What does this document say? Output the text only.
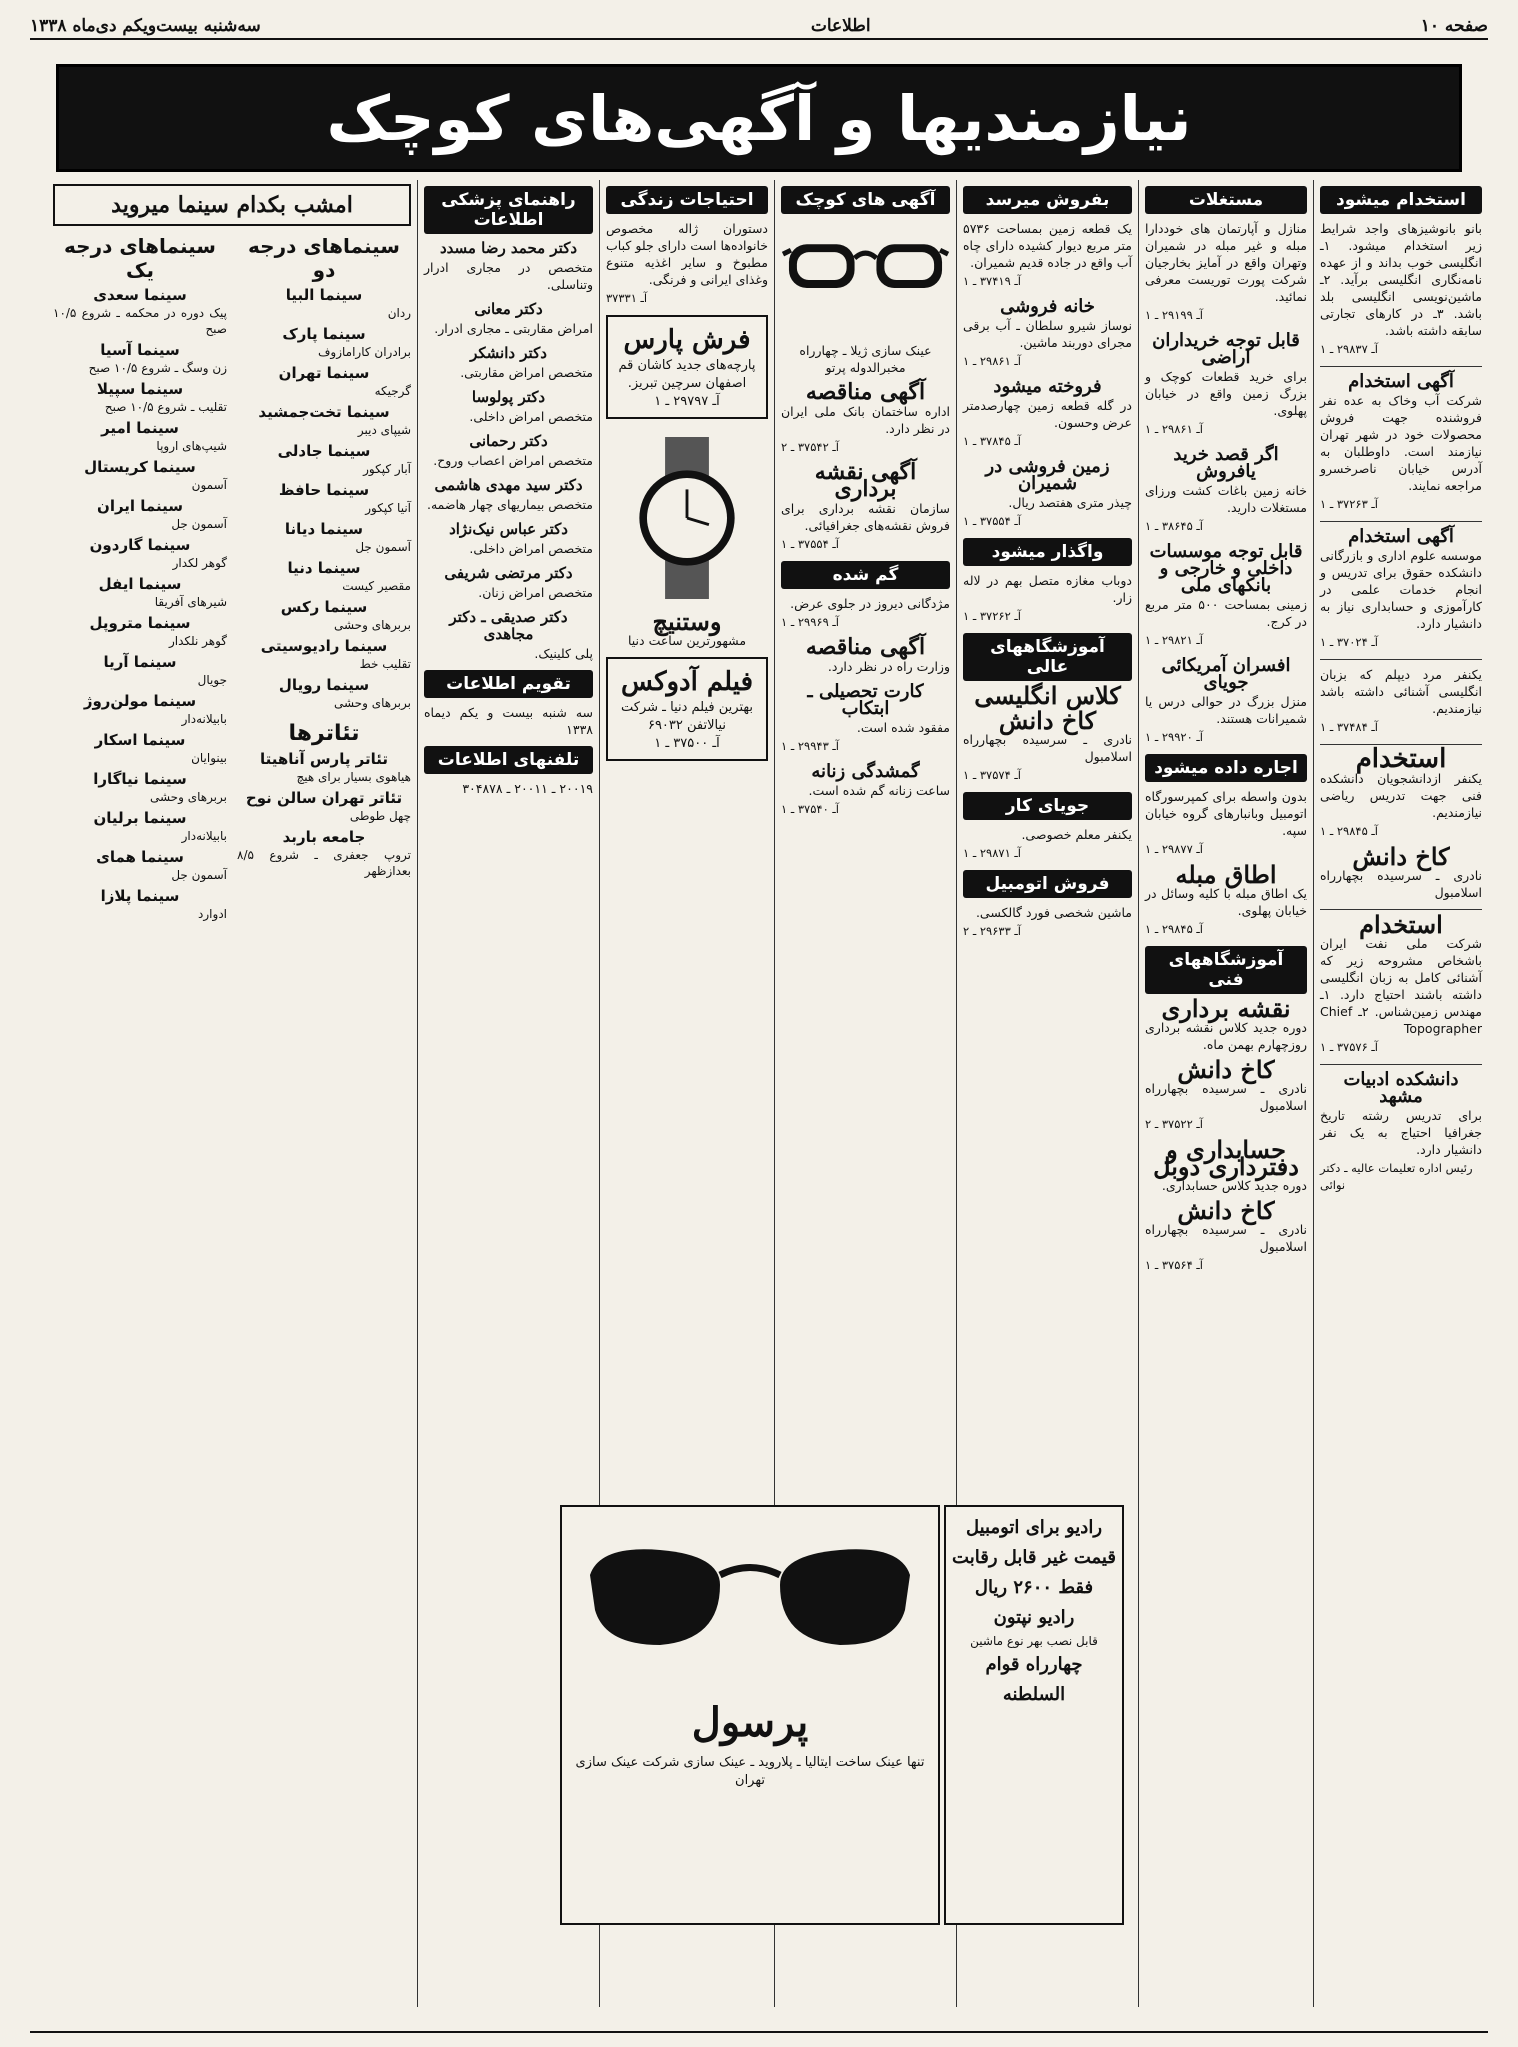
صفحه ۱۰
اطلاعات
سه‌شنبه بیست‌ویکم دی‌ماه ۱۳۳۸
نیازمندیها و آگهی‌های کوچک
استخدام میشود
بانو بانوشیزهای واجد شرایط زیر استخدام میشود. ۱ـ انگلیسی خوب بداند و از عهده نامه‌نگاری انگلیسی برآید. ۲ـ ماشین‌نویسی انگلیسی بلد باشد. ۳ـ در کارهای تجارتی سابقه داشته باشد.
آـ ۲۹۸۳۷ ـ ۱
آگهی استخدام
شرکت آب وخاک به عده نفر فروشنده جهت فروش محصولات خود در شهر تهران نیازمند است. داوطلبان به آدرس خیابان ناصرخسرو مراجعه نمایند.
آـ ۳۷۲۶۳ ـ ۱
آگهی استخدام
موسسه علوم اداری و بازرگانی دانشکده حقوق برای تدریس و انجام خدمات علمی در کارآموزی و حسابداری نیاز به دانشیار دارد.
آـ ۳۷۰۲۴ ـ ۱
یکنفر مرد دیپلم که بزبان انگلیسی آشنائی داشته باشد نیازمندیم.
آـ ۳۷۴۸۴ ـ ۱
استخدام
یکنفر ازدانشجویان دانشکده فنی جهت تدریس ریاضی نیازمندیم.
آـ ۲۹۸۴۵ ـ ۱
کاخ دانش
نادری ـ سرسیده بچهارراه اسلامبول
استخدام
شرکت ملی نفت ایران باشخاص مشروحه زیر که آشنائی کامل به زبان انگلیسی داشته باشند احتیاج دارد. ۱ـ مهندس زمین‌شناس. ۲ـ Chief Topographer
آـ ۳۷۵۷۶ ـ ۱
دانشکده ادبیات مشهد
برای تدریس رشته تاریخ جغرافیا احتیاج به یک نفر دانشیار دارد.
رئیس اداره تعلیمات عالیه ـ دکتر نوائی
مستغلات
منازل و آپارتمان های خوددارا مبله و غیر مبله در شمیران وتهران واقع در آمایز بخارجیان شرکت پورت توریست معرفی نمائید.
آـ ۲۹۱۹۹ ـ ۱
قابل توجه خریداران اراضی
برای خرید قطعات کوچک و بزرگ زمین واقع در خیابان پهلوی.
آـ ۲۹۸۶۱ ـ ۱
اگر قصد خرید یافروش
خانه زمین باغات کشت ورزای مستغلات دارید.
آـ ۳۸۶۴۵ ـ ۱
قابل توجه موسسات داخلی و خارجی و بانکهای ملی
زمینی بمساحت ۵۰۰ متر مربع در کرج.
آـ ۲۹۸۲۱ ـ ۱
افسران آمریکائی جویای
منزل بزرگ در حوالی درس یا شمیرانات هستند.
آـ ۲۹۹۲۰ ـ ۱
اجاره داده میشود
بدون واسطه برای کمپرسورگاه اتومبیل وبانبارهای گروه خیابان سپه.
آـ ۲۹۸۷۷ ـ ۱
اطاق مبله
یک اطاق مبله با کلیه وسائل در خیابان پهلوی.
آـ ۲۹۸۴۵ ـ ۱
آموزشگاههای فنی
نقشه برداری
دوره جدید کلاس نقشه برداری روزچهارم بهمن ماه.
کاخ دانش
نادری ـ سرسیده بچهارراه اسلامبول
آـ ۳۷۵۲۲ ـ ۲
حسابداری و دفترداری دوبل
دوره جدید کلاس حسابداری.
کاخ دانش
نادری ـ سرسیده بچهارراه اسلامبول
آـ ۳۷۵۶۴ ـ ۱
بفروش میرسد
یک قطعه زمین بمساحت ۵۷۳۶ متر مربع دیوار کشیده دارای چاه آب واقع در جاده قدیم شمیران.
آـ ۳۷۴۱۹ ـ ۱
خانه فروشی
نوساز شیرو سلطان ـ آب برقی مجرای دوربند ماشین.
آـ ۲۹۸۶۱ ـ ۱
فروخته میشود
در گله قطعه زمین چهارصدمتر عرض وحسون.
آـ ۳۷۸۴۵ ـ ۱
زمین فروشی در شمیران
چیذر متری هفتصد ریال.
آـ ۳۷۵۵۴ ـ ۱
واگذار میشود
دوباب مغازه متصل بهم در لاله زار.
آـ ۳۷۲۶۲ ـ ۱
آموزشگاههای عالی
کلاس انگلیسی
کاخ دانش
نادری ـ سرسیده بچهارراه اسلامبول
آـ ۳۷۵۷۴ ـ ۱
جویای کار
یکنفر معلم خصوصی.
آـ ۲۹۸۷۱ ـ ۱
فروش اتومبیل
ماشین شخصی فورد گالکسی.
آـ ۲۹۶۳۳ ـ ۲
آگهی های کوچک
عینک سازی ژیلا ـ چهارراه مخبرالدوله پرتو
آگهی مناقصه
اداره ساختمان بانک ملی ایران در نظر دارد.
آـ ۳۷۵۴۲ ـ ۲
آگهی نقشه برداری
سازمان نقشه برداری برای فروش نقشه‌های جغرافیائی.
آـ ۳۷۵۵۴ ـ ۱
گم شده
مژدگانی دیروز در جلوی عرض.
آـ ۲۹۹۶۹ ـ ۱
آگهی مناقصه
وزارت راه در نظر دارد.
کارت تحصیلی ـ ابتکاب
مفقود شده است.
آـ ۲۹۹۴۳ ـ ۱
گمشدگی زنانه
ساعت زنانه گم شده است.
آـ ۳۷۵۴۰ ـ ۱
احتیاجات زندگی
دستوران ژاله مخصوص خانواده‌ها است دارای جلو کباب مطبوخ و سایر اغذیه متنوع وغذای ایرانی و فرنگی.
آـ ۳۷۳۳۱
فرش پارس
پارچه‌های جدید کاشان قم اصفهان سرچین تبریز.
آـ ۲۹۷۹۷ ـ ۱
وستنیچ
مشهورترین ساعت دنیا
فیلم آدوکس
بهترین فیلم دنیا ـ شرکت نیالاتفن ۶۹۰۳۲
آـ ۳۷۵۰۰ ـ ۱
راهنمای پزشکی اطلاعات
دکتر محمد رضا مسدد
متخصص در مجاری ادرار وتناسلی.
دکتر معانی
امراض مقاربتی ـ مجاری ادرار.
دکتر دانشکر
متخصص امراض مقاربتی.
دکتر پولوسا
متخصص امراض داخلی.
دکتر رحمانی
متخصص امراض اعصاب وروح.
دکتر سید مهدی هاشمی
متخصص بیماریهای چهار هاضمه.
دکتر عباس نیک‌نژاد
متخصص امراض داخلی.
دکتر مرتضی شریفی
متخصص امراض زنان.
دکتر صدیقی ـ دکتر مجاهدی
پلی کلینیک.
تقویم اطلاعات
سه شنبه بیست و یکم دیماه ۱۳۳۸
تلفنهای اطلاعات
۲۰۰۱۹ ـ ۲۰۰۱۱ ـ ۳۰۴۸۷۸
امشب بکدام سینما میروید
سینماهای درجه یک
سینما سعدی
پیک دوره در محکمه ـ شروع ۱۰/۵ صبح
سینما آسیا
زن وسگ ـ شروع ۱۰/۵ صبح
سینما سپیلا
تقلیب ـ شروع ۱۰/۵ صبح
سینما امیر
شیپ‌های اروپا
سینما کریستال
آسمون
سینما ایران
آسمون جل
سینما گاردون
گوهر لکدار
سینما ایفل
شیرهای آفریقا
سینما متروپل
گوهر نلکدار
سینما آریا
جویال
سینما مولن‌روژ
بابیلانه‌دار
سینما اسکار
بینوایان
سینما نیاگارا
بربرهای وحشی
سینما برلیان
بابیلانه‌دار
سینما همای
آسمون جل
سینما پلازا
ادوارد
سینماهای درجه دو
سینما البیا
ردان
سینما پارک
برادران کارامازوف
سینما تهران
گرجیکه
سینما تخت‌جمشید
شیپای دیبر
سینما جادلی
آبار کپکور
سینما حافظ
آنیا کپکور
سینما دیانا
آسمون جل
سینما دنیا
مقصیر کیست
سینما رکس
بربرهای وحشی
سینما رادیوسیتی
تقلیب خط
سینما رویال
بربرهای وحشی
تئاترها
تئاتر پارس آناهیتا
هیاهوی بسیار برای هیچ
تئاتر تهران سالن نوح
چهل طوطی
جامعه باربد
تروپ جعفری ـ شروع ۸/۵ بعدازظهر
پرسول
تنها عینک ساخت ایتالیا ـ پلاروید ـ عینک سازی شرکت عینک سازی تهران
رادیو برای اتومبیل
قیمت غیر قابل رقابت
فقط ۲۶۰۰ ریال
رادیو نپتون
قابل نصب بهر نوع ماشین
چهارراه قوام السلطنه
